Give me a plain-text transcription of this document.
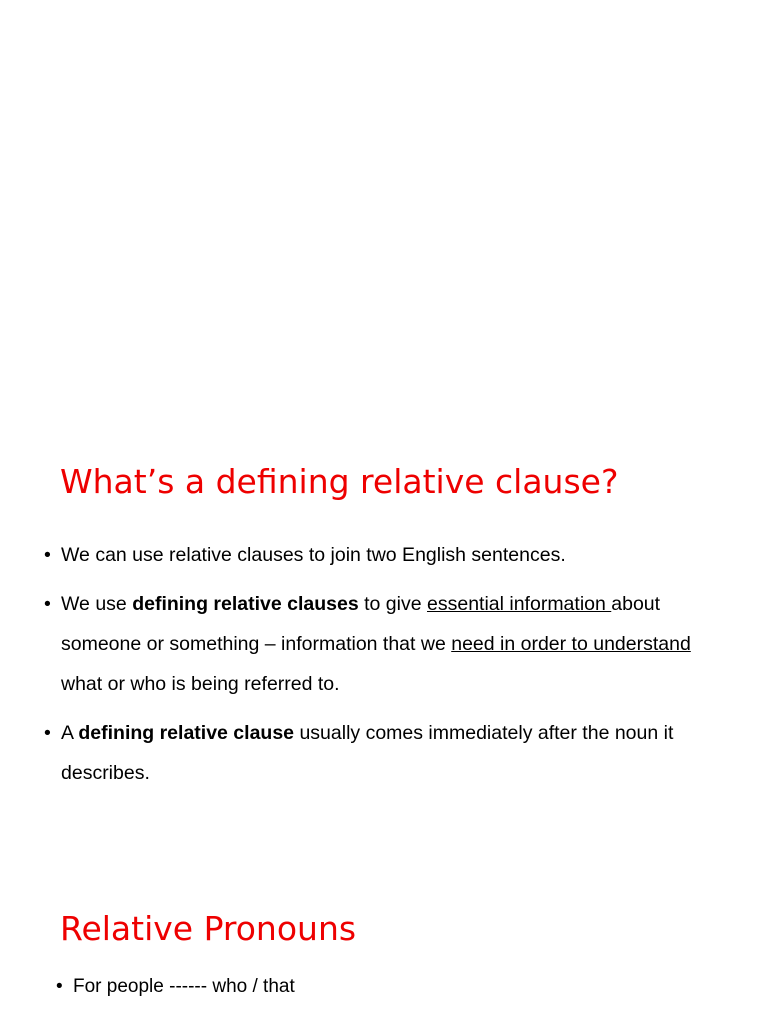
What’s a defining relative clause?
• We can use relative clauses to join two English sentences.
• We use defining relative clauses to give essential information about someone or something – information that we need in order to understand what or who is being referred to.
• A defining relative clause usually comes immediately after the noun it describes.
Relative Pronouns
• For people ------ who / that
